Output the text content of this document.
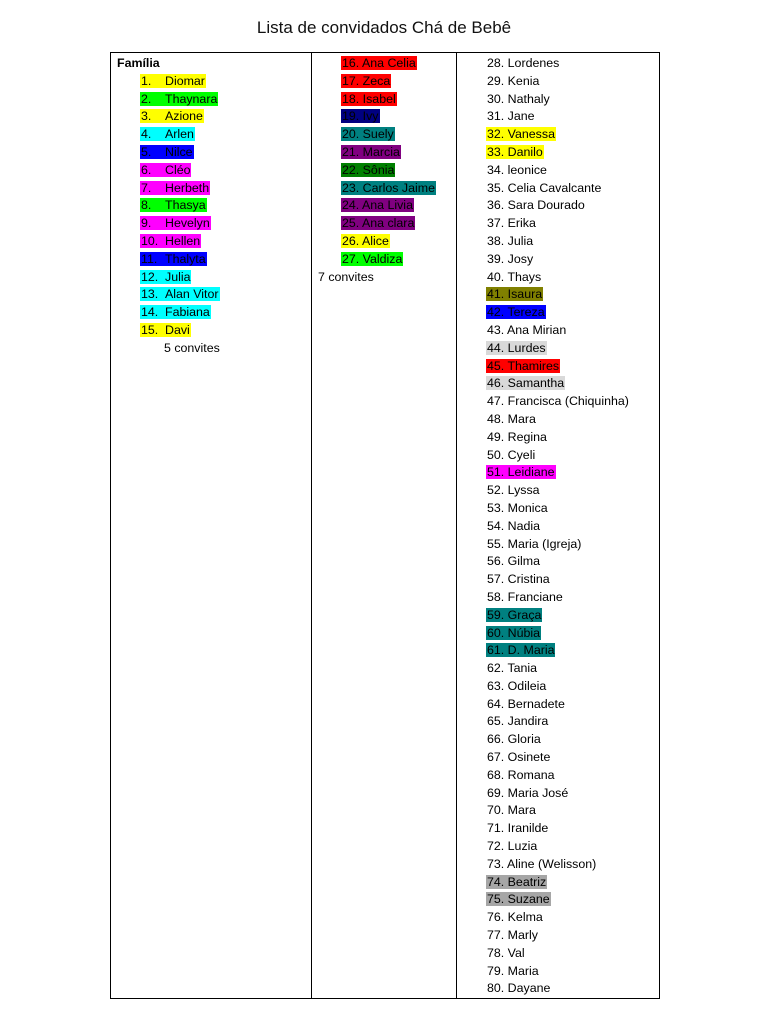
Lista de convidados Chá de Bebê
Família
1. Diomar
2. Thaynara
3. Azione
4. Arlen
5. Nilce
6. Cléo
7. Herbeth
8. Thasya
9. Hevelyn
10. Hellen
11. Thalyta
12. Julia
13. Alan Vitor
14. Fabiana
15. Davi
5 convites

16. Ana Celia
17. Zeca
18. Isabel
19. Ivy
20. Suely
21. Marcia
22. Sônia
23. Carlos Jaime
24. Ana Livia
25. Ana clara
26. Alice
27. Valdiza
7 convites

28. Lordenes
29. Kenia
30. Nathaly
31. Jane
32. Vanessa
33. Danilo
34. leonice
35. Celia Cavalcante
36. Sara Dourado
37. Erika
38. Julia
39. Josy
40. Thays
41. Isaura
42. Tereza
43. Ana Mirian
44. Lurdes
45. Thamires
46. Samantha
47. Francisca (Chiquinha)
48. Mara
49. Regina
50. Cyeli
51. Leidiane
52. Lyssa
53. Monica
54. Nadia
55. Maria (Igreja)
56. Gilma
57. Cristina
58. Franciane
59. Graça
60. Núbia
61. D. Maria
62. Tania
63. Odileia
64. Bernadete
65. Jandira
66. Gloria
67. Osinete
68. Romana
69. Maria José
70. Mara
71. Iranilde
72. Luzia
73. Aline (Welisson)
74. Beatriz
75. Suzane
76. Kelma
77. Marly
78. Val
79. Maria
80. Dayane
